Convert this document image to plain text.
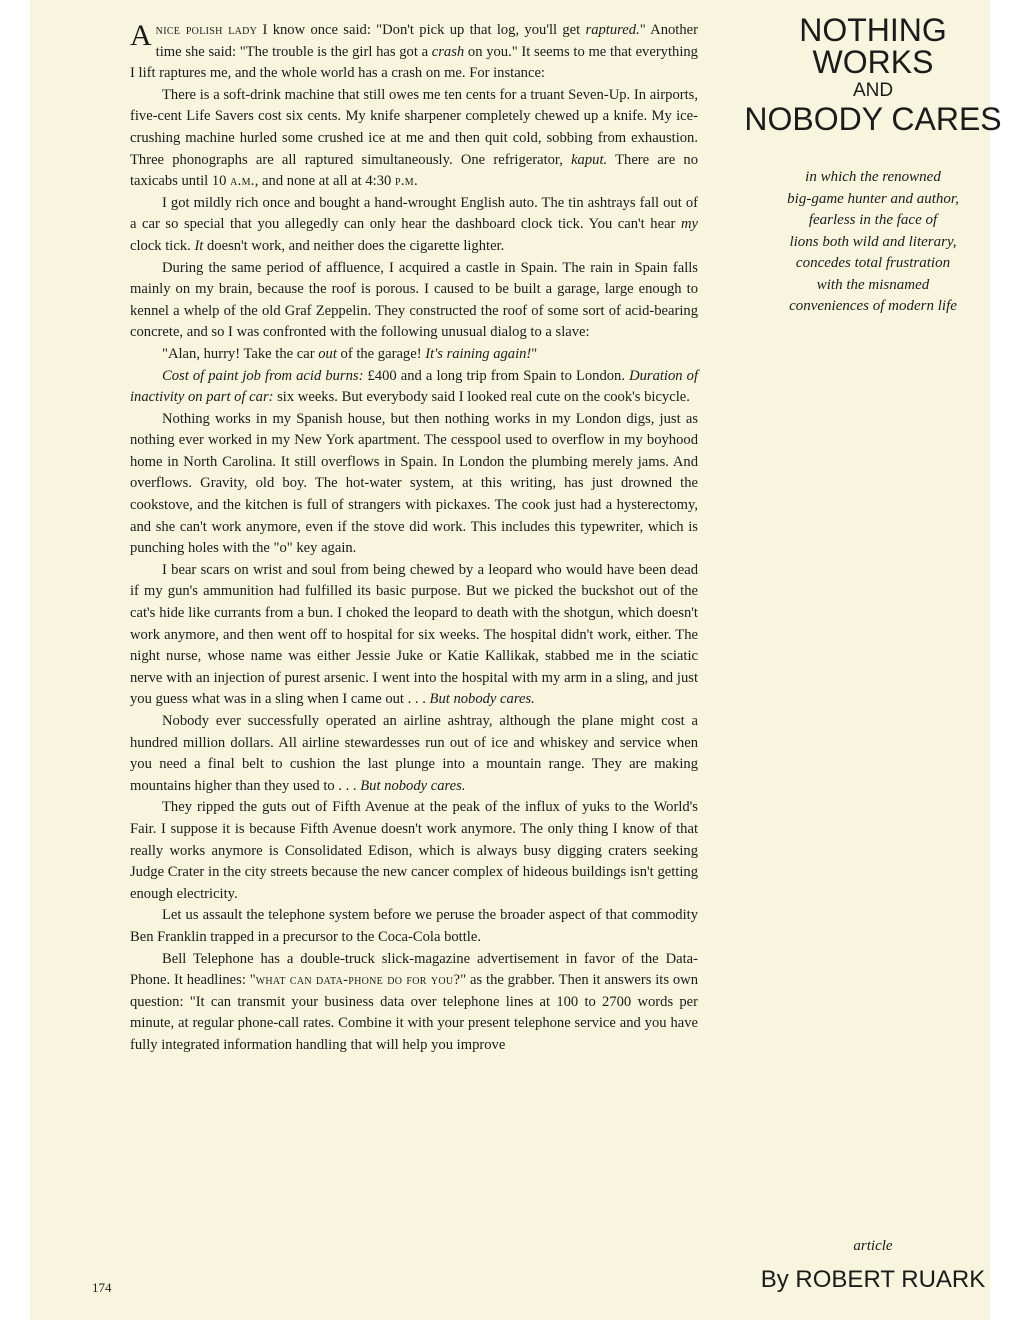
Anice polish lady I know once said: "Don't pick up that log, you'll get raptured." Another time she said: "The trouble is the girl has got a crash on you." It seems to me that everything I lift raptures me, and the whole world has a crash on me. For instance:

There is a soft-drink machine that still owes me ten cents for a truant Seven-Up. In airports, five-cent Life Savers cost six cents. My knife sharpener completely chewed up a knife. My ice-crushing machine hurled some crushed ice at me and then quit cold, sobbing from exhaustion. Three phonographs are all raptured simultaneously. One refrigerator, kaput. There are no taxicabs until 10 a.m., and none at all at 4:30 p.m.

I got mildly rich once and bought a hand-wrought English auto. The tin ashtrays fall out of a car so special that you allegedly can only hear the dashboard clock tick. You can't hear my clock tick. It doesn't work, and neither does the cigarette lighter.

During the same period of affluence, I acquired a castle in Spain. The rain in Spain falls mainly on my brain, because the roof is porous. I caused to be built a garage, large enough to kennel a whelp of the old Graf Zeppelin. They constructed the roof of some sort of acid-bearing concrete, and so I was confronted with the following unusual dialog to a slave:

"Alan, hurry! Take the car out of the garage! It's raining again!"

Cost of paint job from acid burns: £400 and a long trip from Spain to London. Duration of inactivity on part of car: six weeks. But everybody said I looked real cute on the cook's bicycle.

Nothing works in my Spanish house, but then nothing works in my London digs, just as nothing ever worked in my New York apartment. The cesspool used to overflow in my boyhood home in North Carolina. It still overflows in Spain. In London the plumbing merely jams. And overflows. Gravity, old boy. The hot-water system, at this writing, has just drowned the cookstove, and the kitchen is full of strangers with pickaxes. The cook just had a hysterectomy, and she can't work anymore, even if the stove did work. This includes this typewriter, which is punching holes with the "o" key again.

I bear scars on wrist and soul from being chewed by a leopard who would have been dead if my gun's ammunition had fulfilled its basic purpose. But we picked the buckshot out of the cat's hide like currants from a bun. I choked the leopard to death with the shotgun, which doesn't work anymore, and then went off to hospital for six weeks. The hospital didn't work, either. The night nurse, whose name was either Jessie Juke or Katie Kallikak, stabbed me in the sciatic nerve with an injection of purest arsenic. I went into the hospital with my arm in a sling, and just you guess what was in a sling when I came out . . . But nobody cares.

Nobody ever successfully operated an airline ashtray, although the plane might cost a hundred million dollars. All airline stewardesses run out of ice and whiskey and service when you need a final belt to cushion the last plunge into a mountain range. They are making mountains higher than they used to . . . But nobody cares.

They ripped the guts out of Fifth Avenue at the peak of the influx of yuks to the World's Fair. I suppose it is because Fifth Avenue doesn't work anymore. The only thing I know of that really works anymore is Consolidated Edison, which is always busy digging craters seeking Judge Crater in the city streets because the new cancer complex of hideous buildings isn't getting enough electricity.

Let us assault the telephone system before we peruse the broader aspect of that commodity Ben Franklin trapped in a precursor to the Coca-Cola bottle.

Bell Telephone has a double-truck slick-magazine advertisement in favor of the Data-Phone. It headlines: "what can data-phone do for you?" as the grabber. Then it answers its own question: "It can transmit your business data over telephone lines at 100 to 2700 words per minute, at regular phone-call rates. Combine it with your present telephone service and you have fully integrated information handling that will help you improve

NOTHING WORKS
AND
NOBODY CARES
in which the renowned
big-game hunter and author,
fearless in the face of
lions both wild and literary,
concedes total frustration
with the misnamed
conveniences of modern life
article
By ROBERT RUARK
174
